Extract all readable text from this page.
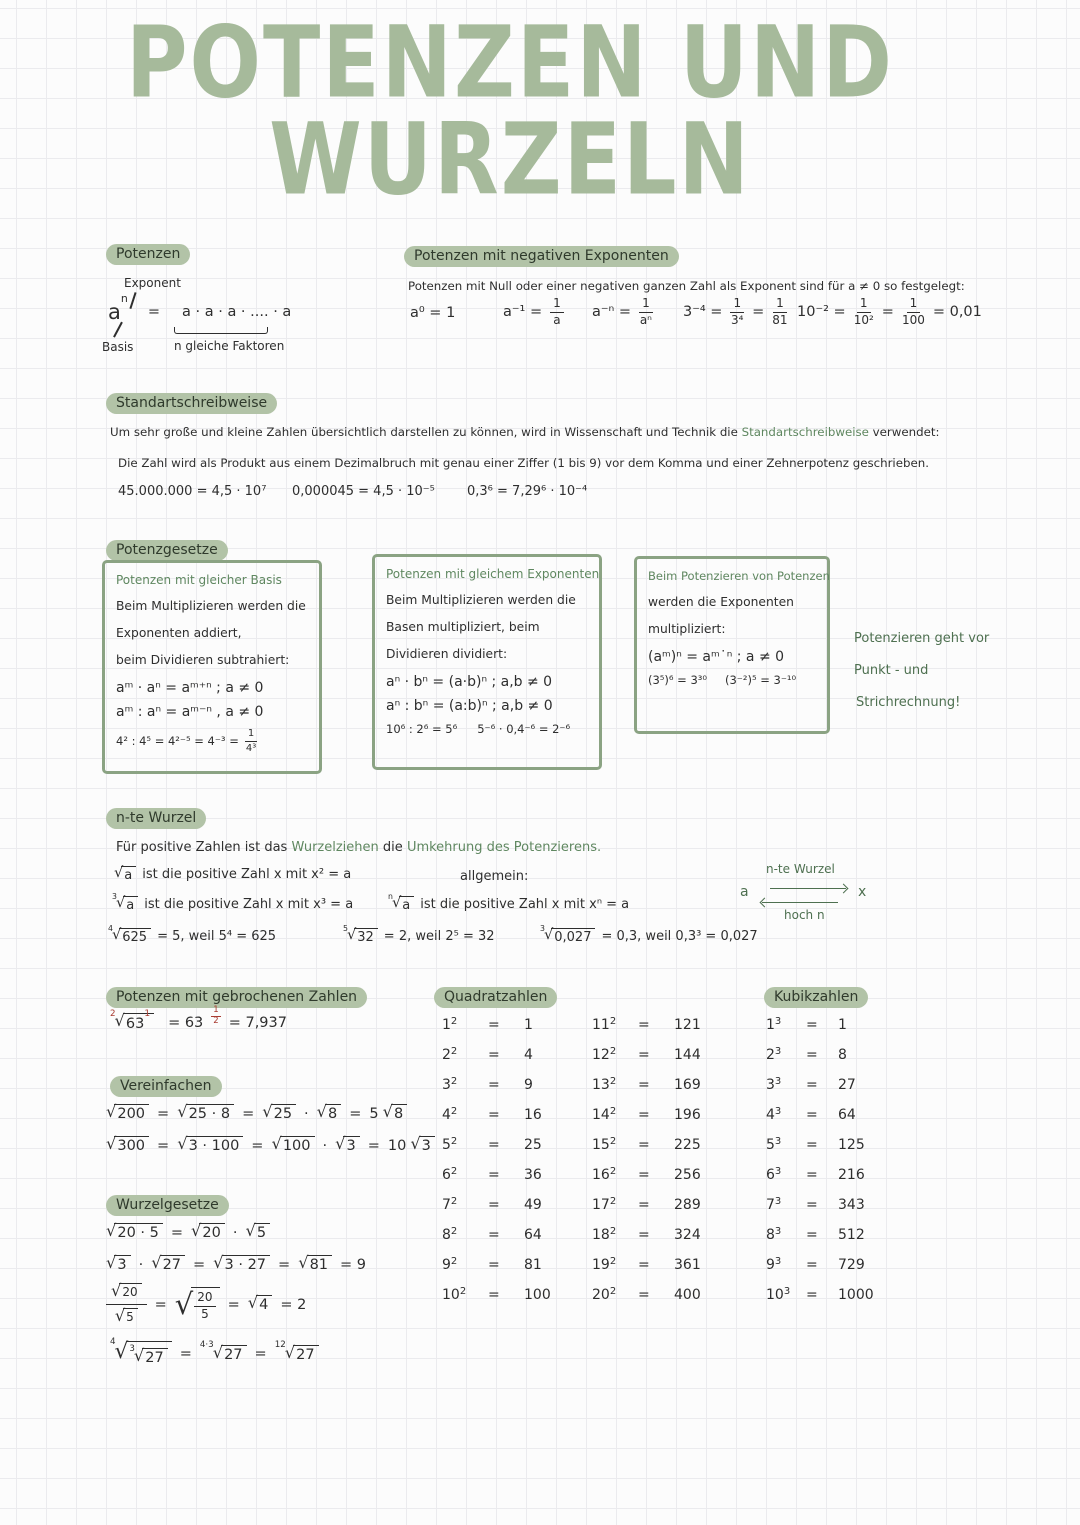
POTENZEN UND
WURZELN
Potenzen
Exponent
a
$^n$
= a · a · a · .... · a
Basis	n gleiche Faktoren
Potenzen mit negativen Exponenten
Potenzen mit Null oder einer negativen ganzen Zahl als Exponent sind für a ≠ 0 so festgelegt:
a⁰ = 1	$a^{-1} = \frac{1}{a} a^{-n} = \frac{1}{\text{aⁿ}} 3^{-4} = \frac{1}{\text{3⁴}} = \frac{1}{81} 10^{-2} = \frac{1}{\text{10²}} = \frac{1}{100} = 0,01$
Standartschreibweise
Um sehr große und kleine Zahlen übersichtlich darstellen zu können, wird in Wissenschaft und Technik die Standartschreibweise verwendet:
Die Zahl wird als Produkt aus einem Dezimalbruch mit genau einer Ziffer (1 bis 9) vor dem Komma und einer Zehnerpotenz geschrieben.
45.000.000 = 4,5 · 10⁷ 0,000045 = 4,5 · 10⁻⁵ 0,3⁶ = 7,29⁶ · 10⁻⁴
Potenzgesetze
Potenzen mit gleicher Basis
Beim Multiplizieren werden die
Exponenten addiert,
beim Dividieren subtrahiert:
aᵐ · aⁿ = aᵐ⁺ⁿ ; a ≠ 0
aᵐ : aⁿ = aᵐ⁻ⁿ , a ≠ 0
4² : $4^5 = 4^{2-5} = 4^{-3} = \frac{1}{\text{4³}}$
Potenzen mit gleichem Exponenten
Beim Multiplizieren werden die
Basen multipliziert, beim
Dividieren dividiert:
aⁿ · bⁿ = (a·b)ⁿ ; a,b ≠ 0
aⁿ : bⁿ = (a:b)ⁿ ; a,b ≠ 0
10⁶ : 2⁶ = 5⁶ 5⁻⁶ · 0,4⁻⁶ = 2⁻⁶
Beim Potenzieren von Potenzen
werden die Exponenten
multipliziert:
(aᵐ)ⁿ = aᵐ˙ⁿ ; a ≠ 0
(3⁵)⁶ = 3³⁰ (3⁻²)⁵ = 3⁻¹⁰
Potenzieren geht vor
Punkt - und
Strichrechnung!
n-te Wurzel
Für positive Zahlen ist das Wurzelziehen die Umkehrung des Potenzierens.
√ a ist die positive Zahl x mit x² = a	allgemein:
$^3$ √ a ist die positive Zahl x mit x³ = a
$^n$ √ a ist die positive Zahl x mit xⁿ = a
$^4$ √ 625 = 5, weil 5⁴ = 625
$^5$ √ 32 = 2, weil 2⁵ = 32
$^3$ √ 0,027 = 0,3, weil 0,3³ = 0,027
n-te Wurzel
a	x
hoch n
Potenzen mit gebrochenen Zahlen
$^2$ √ $63^1$
= $63 \frac{1}{2} = 7,937$
Vereinfachen
√ 200 = √ 25 · 8 = √ 25 · √ 8 = 5 √ 8
√ 300 = √ 3 · 100 = √ 100 · √ 3 = 10 √ 3
Wurzelgesetze
√ 20 · 5 = √ 20 · √ 5
√ 3 · √ 27 = √ 3 · 27 = √ 81 = 9
$\frac{√ 20}{√ 5}$ = √ $\frac{20}{5}$ = √ 4 = 2
$^4$ √$^3$ √ 27 =
$^{4\cdot 3}$ √ 27 =
$^{12}$ √ 27
Quadratzahlen
$1^2$ =	1
$2^2$ =	4
$3^2$ =	9
$4^2$ =	16
$5^2$ =	25
$6^2$ =	36
$7^2$ =	49
$8^2$ =	64
$9^2$ =	81
$10^2$ =	100
$11^2$ =	121
$12^2$ =	144
$13^2$ =	169
$14^2$ =	196
$15^2$ =	225
$16^2$ =	256
$17^2$ =	289
$18^2$ =	324
$19^2$ =	361
$20^2$ =	400
Kubikzahlen
$1^3$ =	1
$2^3$ =	8
$3^3$ =	27
$4^3$ =	64
$5^3$ =	125
$6^3$ =	216
$7^3$ =	343
$8^3$ =	512
$9^3$ =	729
$10^3$ =	1000
